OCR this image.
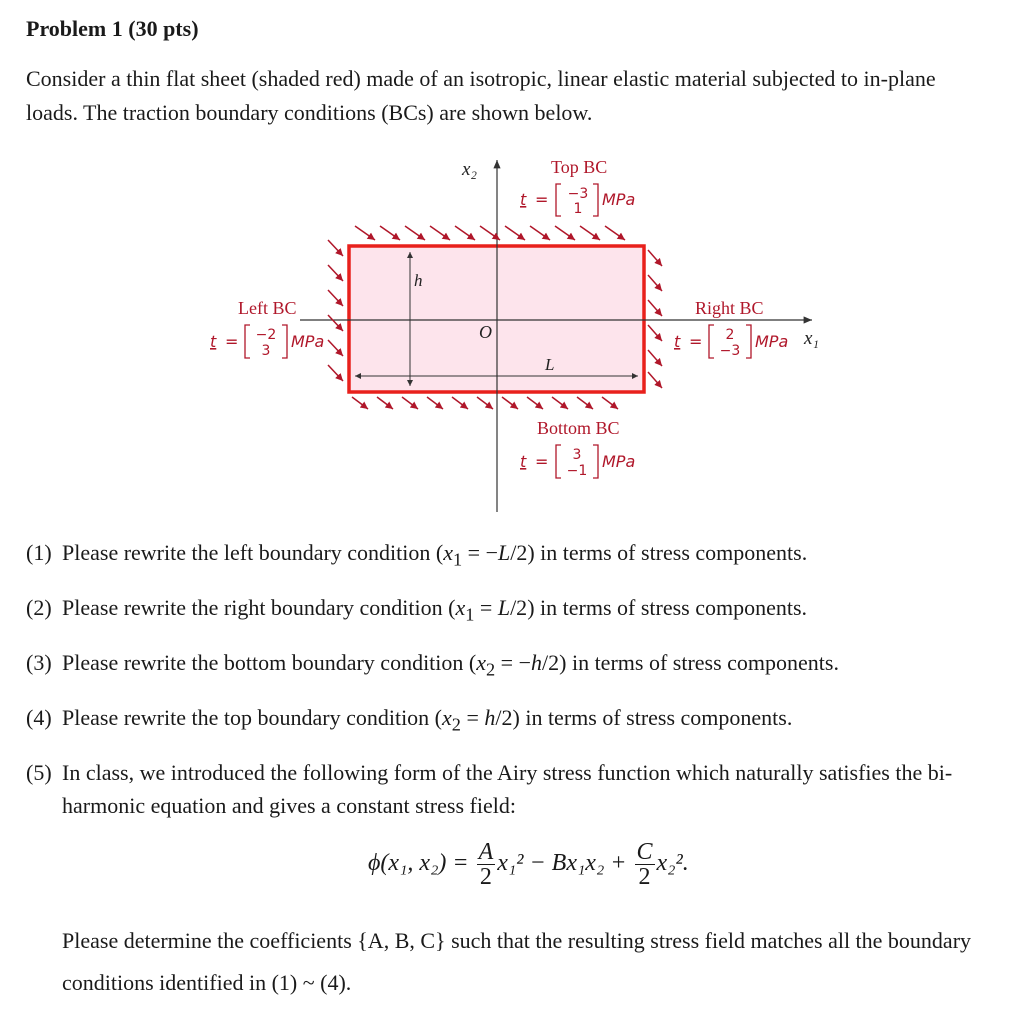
Problem 1 (30 pts)
Consider a thin flat sheet (shaded red) made of an isotropic, linear elastic material subjected to in-plane loads. The traction boundary conditions (BCs) are shown below.
x₂
x₁
O
h
L
Top BC
t = −3
1 MPa
Left BC
t = −2
3 MPa
Right BC
t = 2
−3 MPa
Bottom BC
t = 3
−1 MPa
(1) Please rewrite the left boundary condition $(x_1 = -L/2)$ in terms of stress components.
(2) Please rewrite the right boundary condition $(x_1 = L/2)$ in terms of stress components.
(3) Please rewrite the bottom boundary condition $(x_2 = -h/2)$ in terms of stress components.
(4) Please rewrite the top boundary condition $(x_2 = h/2)$ in terms of stress components.
(5) In class, we introduced the following form of the Airy stress function which naturally satisfies the bi-harmonic equation and gives a constant stress field:
ϕ(x₁, $x_2) = \frac{A}{2} x_1^2 - Bx_1x_2 + \frac{C}{2} x_2^2$.
Please determine the coefficients {A, B, C} such that the resulting stress field matches all the boundary conditions identified in (1) ~ (4).
